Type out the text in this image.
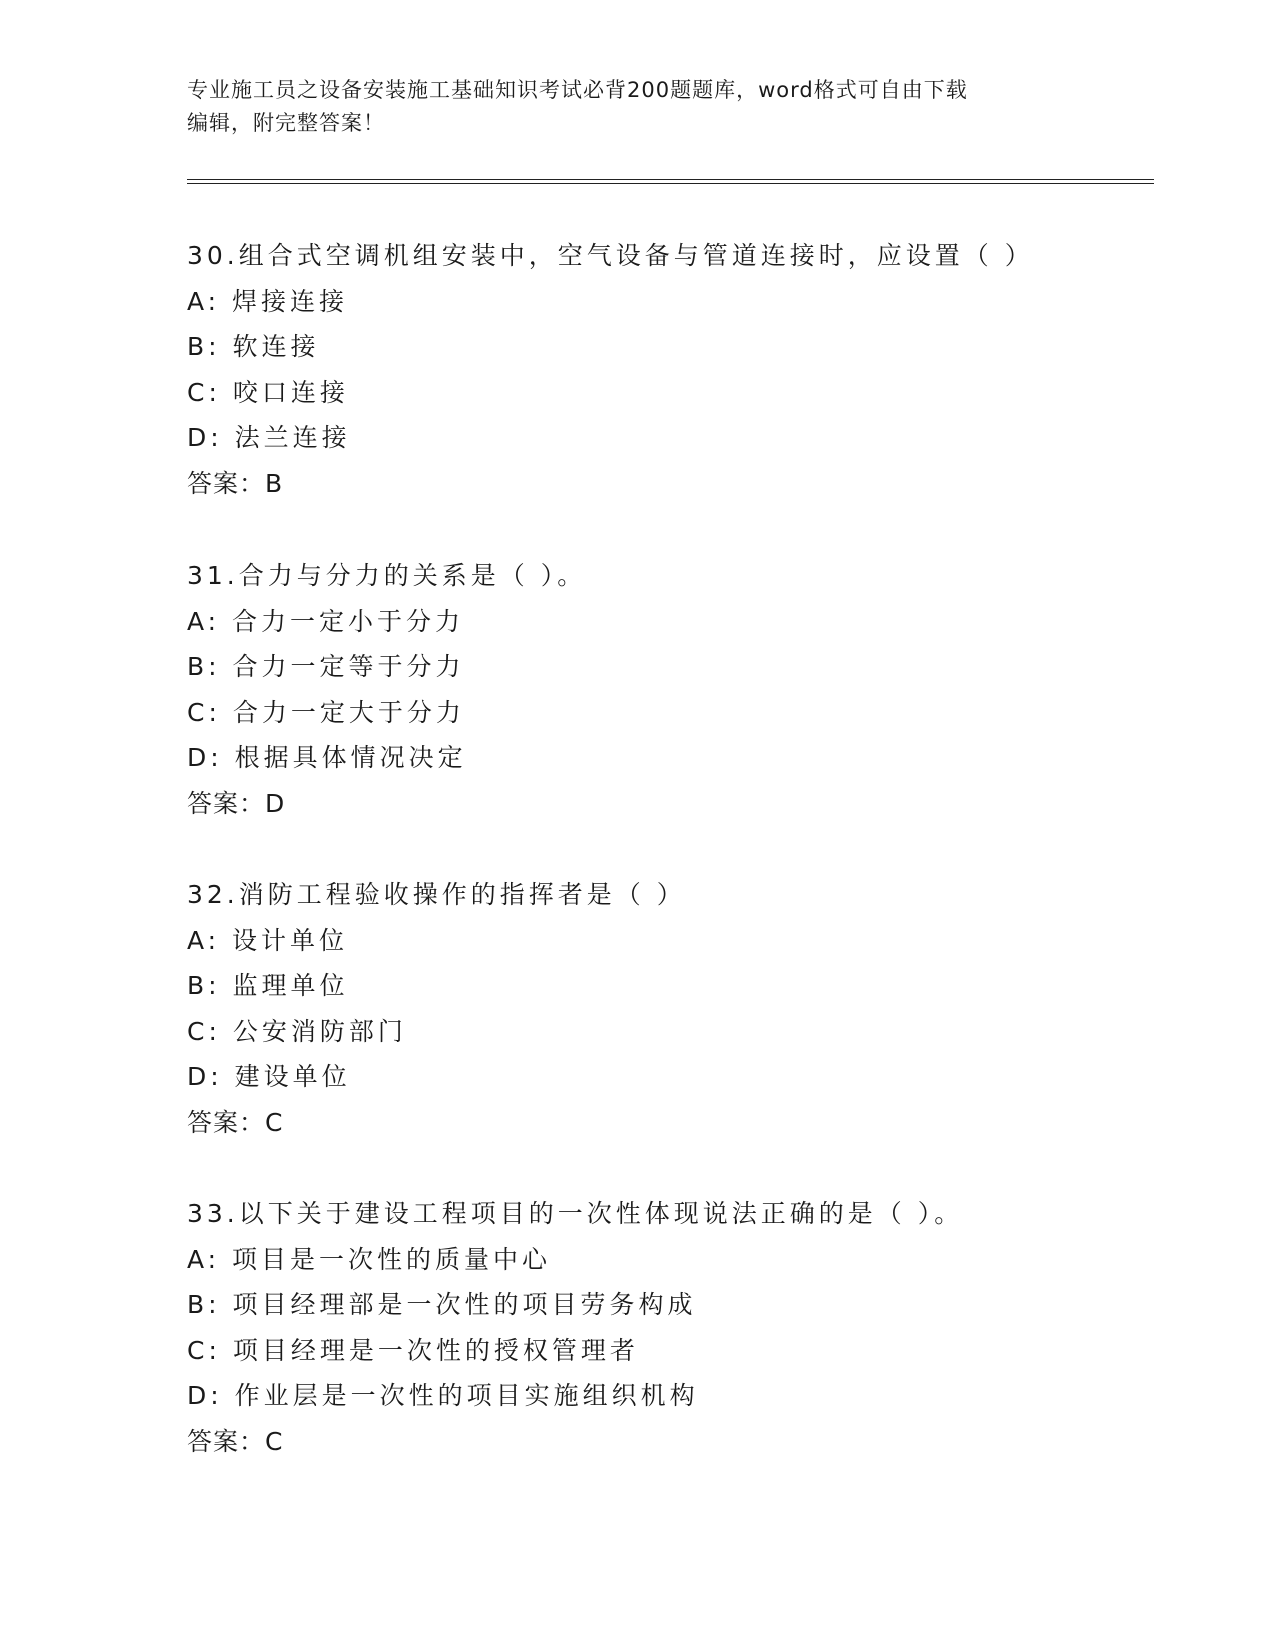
专业施工员之设备安装施工基础知识考试必背200题题库，word格式可自由下载
编辑，附完整答案！
30.组合式空调机组安装中，空气设备与管道连接时，应设置（ ）
A: 焊接连接
B: 软连接
C: 咬口连接
D: 法兰连接
答案：B
31.合力与分力的关系是（ ）。
A: 合力一定小于分力
B: 合力一定等于分力
C: 合力一定大于分力
D: 根据具体情况决定
答案：D
32.消防工程验收操作的指挥者是（ ）
A: 设计单位
B: 监理单位
C: 公安消防部门
D: 建设单位
答案：C
33.以下关于建设工程项目的一次性体现说法正确的是（ ）。
A: 项目是一次性的质量中心
B: 项目经理部是一次性的项目劳务构成
C: 项目经理是一次性的授权管理者
D: 作业层是一次性的项目实施组织机构
答案：C
